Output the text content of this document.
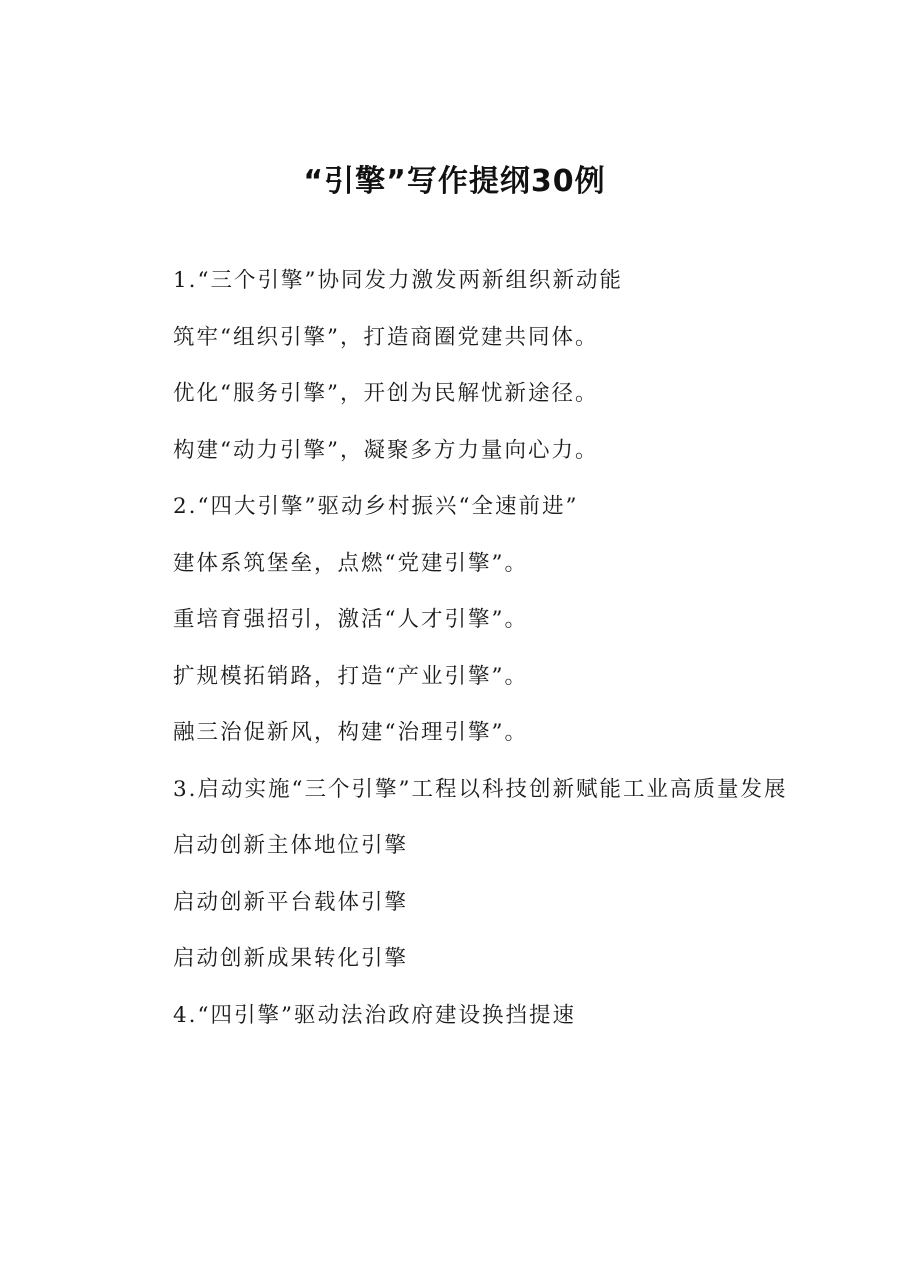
“引擎”写作提纲30例

1.“三个引擎”协同发力激发两新组织新动能

筑牢“组织引擎”，打造商圈党建共同体。

优化“服务引擎”，开创为民解忧新途径。

构建“动力引擎”，凝聚多方力量向心力。

2.“四大引擎”驱动乡村振兴“全速前进”

建体系筑堡垒，点燃“党建引擎”。

重培育强招引，激活“人才引擎”。

扩规模拓销路，打造“产业引擎”。

融三治促新风，构建“治理引擎”。

3.启动实施“三个引擎”工程以科技创新赋能工业高质量发展

启动创新主体地位引擎

启动创新平台载体引擎

启动创新成果转化引擎

4.“四引擎”驱动法治政府建设换挡提速
